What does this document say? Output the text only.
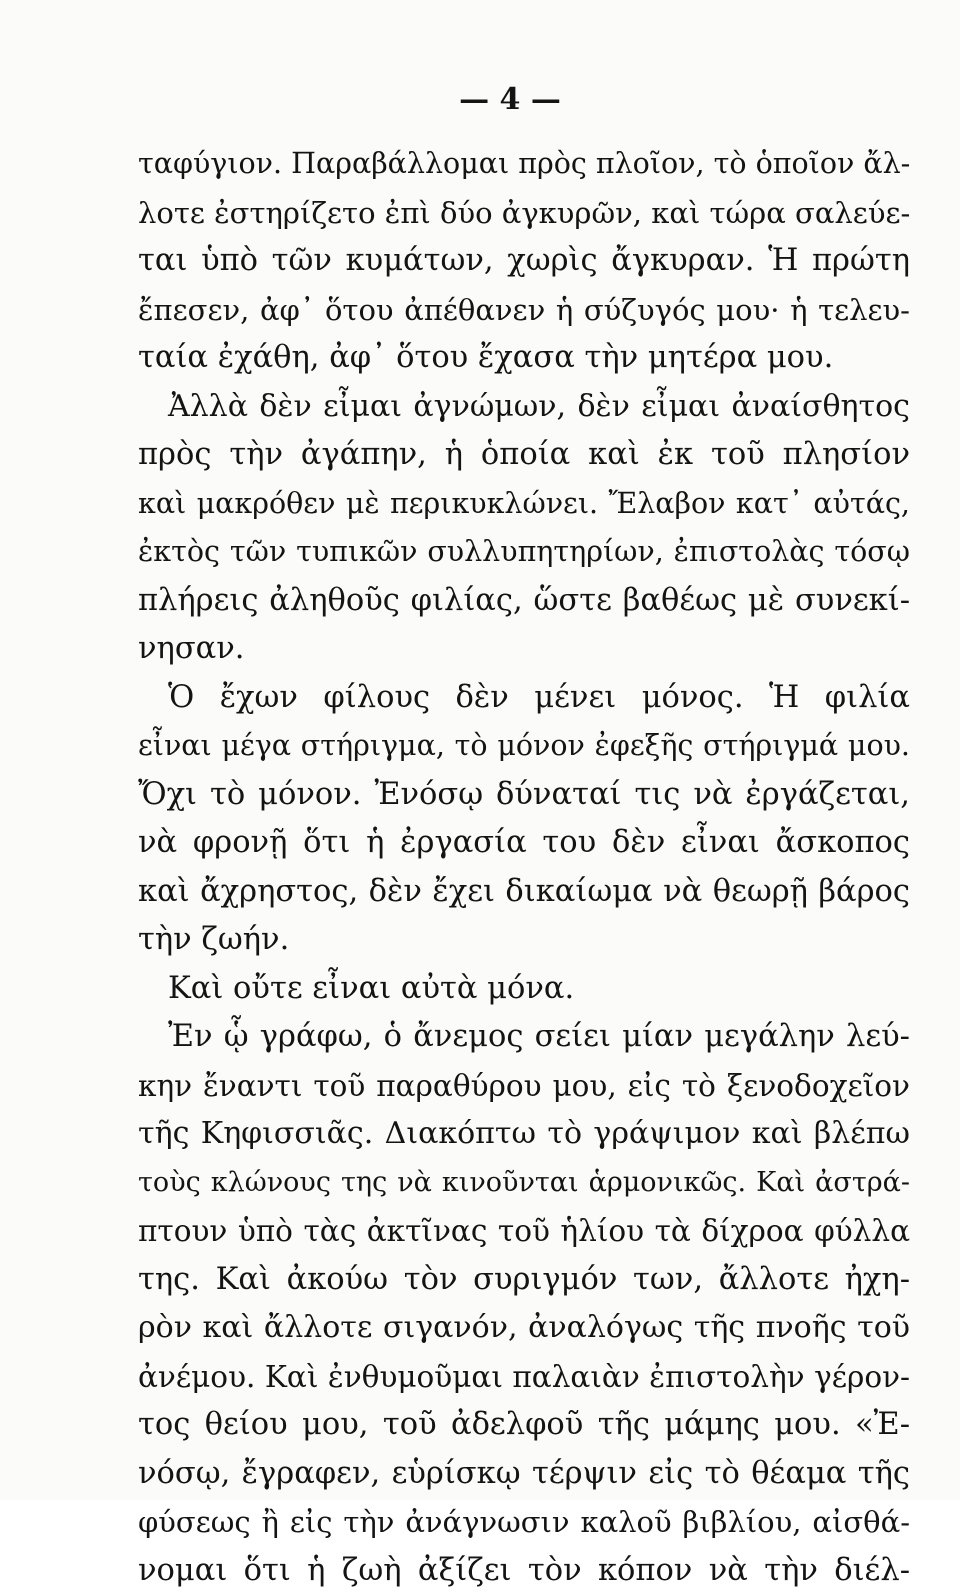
— 4 —
ταφύγιον. Παραβάλλομαι πρὸς πλοῖον, τὸ ὁποῖον ἄλ-
λοτε ἐστηρίζετο ἐπὶ δύο ἀγκυρῶν, καὶ τώρα σαλεύε-
ται ὑπὸ τῶν κυμάτων, χωρὶς ἄγκυραν. Ἡ πρώτη
ἔπεσεν, ἀφ᾽ ὅτου ἀπέθανεν ἡ σύζυγός μου· ἡ τελευ-
ταία ἐχάθη, ἀφ᾽ ὅτου ἔχασα τὴν μητέρα μου.
Ἀλλὰ δὲν εἶμαι ἀγνώμων, δὲν εἶμαι ἀναίσθητος
πρὸς τὴν ἀγάπην, ἡ ὁποία καὶ ἐκ τοῦ πλησίον
καὶ μακρόθεν μὲ περικυκλώνει. Ἔλαβον κατ᾽ αὐτάς,
ἐκτὸς τῶν τυπικῶν συλλυπητηρίων, ἐπιστολὰς τόσῳ
πλήρεις ἀληθοῦς φιλίας, ὥστε βαθέως μὲ συνεκί-
νησαν.
Ὁ ἔχων φίλους δὲν μένει μόνος. Ἡ φιλία
εἶναι μέγα στήριγμα, τὸ μόνον ἐφεξῆς στήριγμά μου.
Ὄχι τὸ μόνον. Ἐνόσῳ δύναταί τις νὰ ἐργάζεται,
νὰ φρονῇ ὅτι ἡ ἐργασία του δὲν εἶναι ἄσκοπος
καὶ ἄχρηστος, δὲν ἔχει δικαίωμα νὰ θεωρῇ βάρος
τὴν ζωήν.
Καὶ οὔτε εἶναι αὐτὰ μόνα.
Ἐν ᾧ γράφω, ὁ ἄνεμος σείει μίαν μεγάλην λεύ-
κην ἔναντι τοῦ παραθύρου μου, εἰς τὸ ξενοδοχεῖον
τῆς Κηφισσιᾶς. Διακόπτω τὸ γράψιμον καὶ βλέπω
τοὺς κλώνους της νὰ κινοῦνται ἁρμονικῶς. Καὶ ἀστρά-
πτουν ὑπὸ τὰς ἀκτῖνας τοῦ ἡλίου τὰ δίχροα φύλλα
της. Καὶ ἀκούω τὸν συριγμόν των, ἄλλοτε ἠχη-
ρὸν καὶ ἄλλοτε σιγανόν, ἀναλόγως τῆς πνοῆς τοῦ
ἀνέμου. Καὶ ἐνθυμοῦμαι παλαιὰν ἐπιστολὴν γέρον-
τος θείου μου, τοῦ ἀδελφοῦ τῆς μάμης μου. «Ἐ-
νόσῳ, ἔγραφεν, εὑρίσκῳ τέρψιν εἰς τὸ θέαμα τῆς
φύσεως ἢ εἰς τὴν ἀνάγνωσιν καλοῦ βιβλίου, αἰσθά-
νομαι ὅτι ἡ ζωὴ ἀξίζει τὸν κόπον νὰ τὴν διέλ-
